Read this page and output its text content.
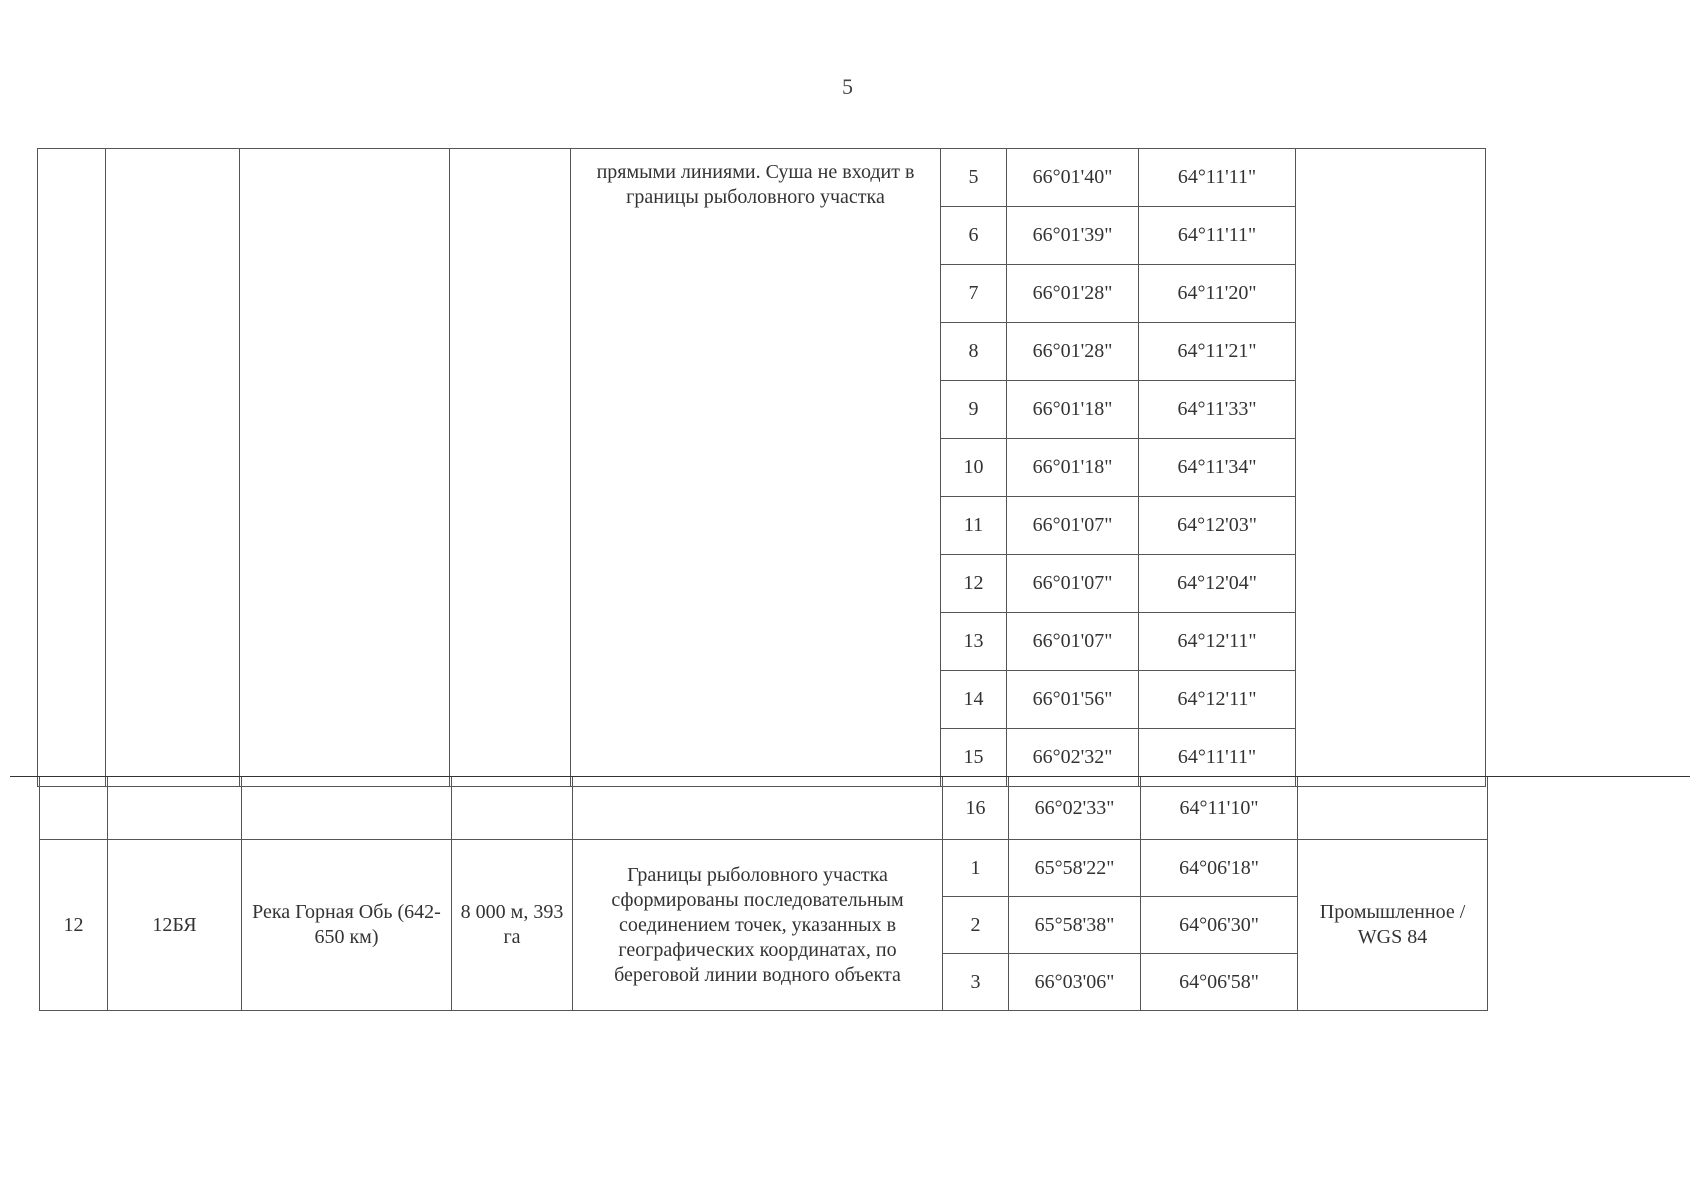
5
				прямыми линиями. Суша не входит в границы рыболовного участка	5	66°01'40"	64°11'11"	
					6	66°01'39"	64°11'11"	
					7	66°01'28"	64°11'20"	
					8	66°01'28"	64°11'21"	
					9	66°01'18"	64°11'33"	
					10	66°01'18"	64°11'34"	
					11	66°01'07"	64°12'03"	
					12	66°01'07"	64°12'04"	
					13	66°01'07"	64°12'11"	
					14	66°01'56"	64°12'11"	
					15	66°02'32"	64°11'11"	
					16	66°02'33"	64°11'10"	
12	12БЯ	Река Горная Обь (642-650 км)	8 000 м, 393 га	Границы рыболовного участка сформированы последовательным соединением точек, указанных в географических координатах, по береговой линии водного объекта	1	65°58'22"	64°06'18"	Промышленное / WGS 84
					2	65°58'38"	64°06'30"	
					3	66°03'06"	64°06'58"	
